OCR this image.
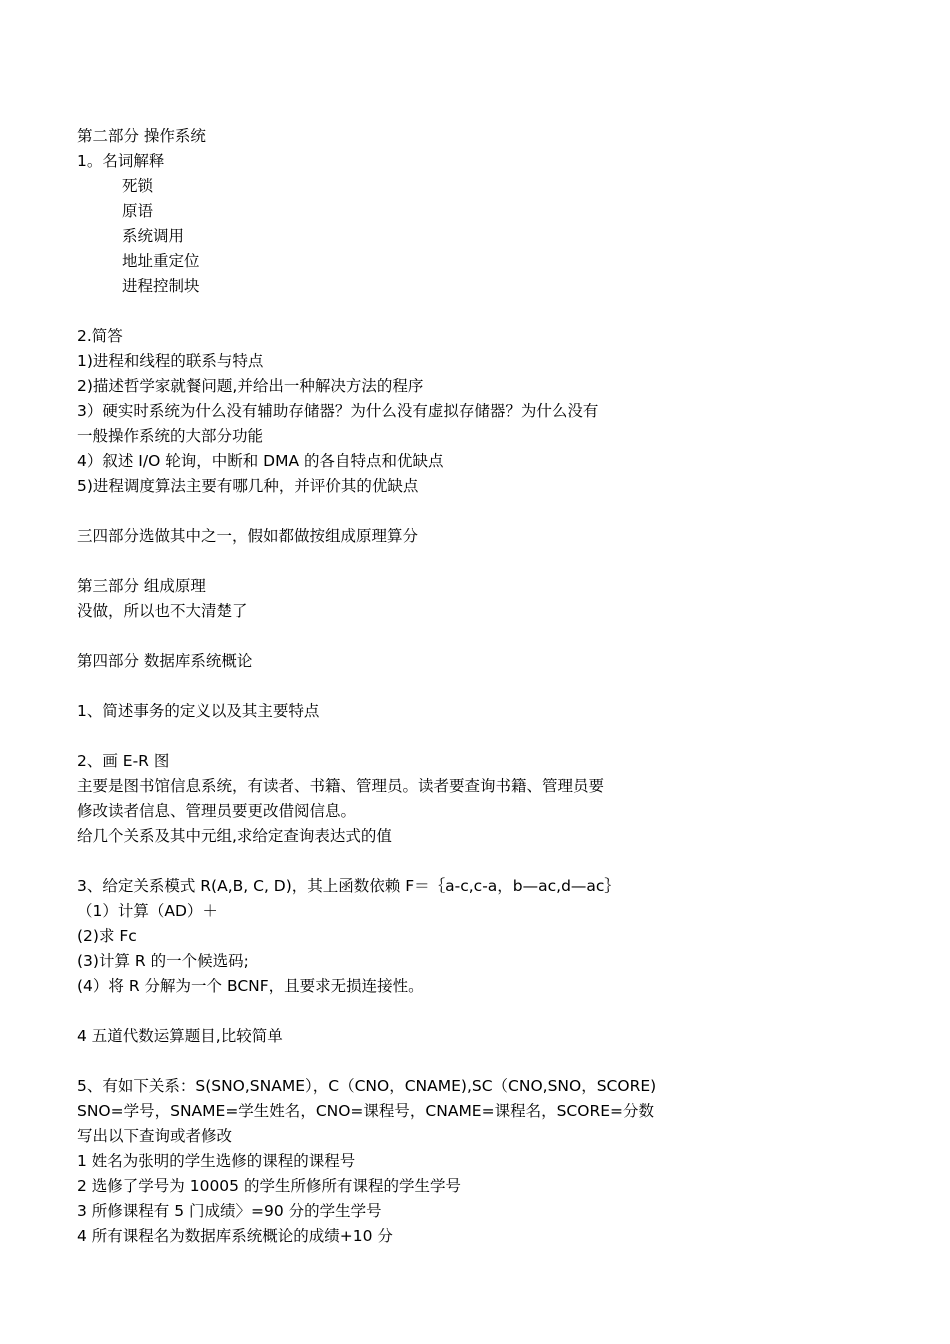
第二部分 操作系统
1。名词解释
死锁
原语
系统调用
地址重定位
进程控制块
2.简答
1)进程和线程的联系与特点
2)描述哲学家就餐问题,并给出一种解决方法的程序
3）硬实时系统为什么没有辅助存储器？为什么没有虚拟存储器？为什么没有
一般操作系统的大部分功能
4）叙述 I/O 轮询，中断和 DMA 的各自特点和优缺点
5)进程调度算法主要有哪几种，并评价其的优缺点
三四部分选做其中之一，假如都做按组成原理算分
第三部分 组成原理
没做，所以也不大清楚了
第四部分 数据库系统概论
1、简述事务的定义以及其主要特点
2、画 E-R 图
主要是图书馆信息系统，有读者、书籍、管理员。读者要查询书籍、管理员要
修改读者信息、管理员要更改借阅信息。
给几个关系及其中元组,求给定查询表达式的值
3、给定关系模式 R(A,B, C, D)，其上函数依赖 F＝｛a-c,c-a，b—ac,d—ac｝
（1）计算（AD）＋
(2)求 Fc
(3)计算 R 的一个候选码;
(4）将 R 分解为一个 BCNF，且要求无损连接性。
4 五道代数运算题目,比较简单
5、有如下关系：S(SNO,SNAME），C（CNO，CNAME),SC（CNO,SNO，SCORE)
SNO=学号，SNAME=学生姓名，CNO=课程号，CNAME=课程名，SCORE=分数
写出以下查询或者修改
1 姓名为张明的学生选修的课程的课程号
2 选修了学号为 10005 的学生所修所有课程的学生学号
3 所修课程有 5 门成绩〉=90 分的学生学号
4 所有课程名为数据库系统概论的成绩+10 分
